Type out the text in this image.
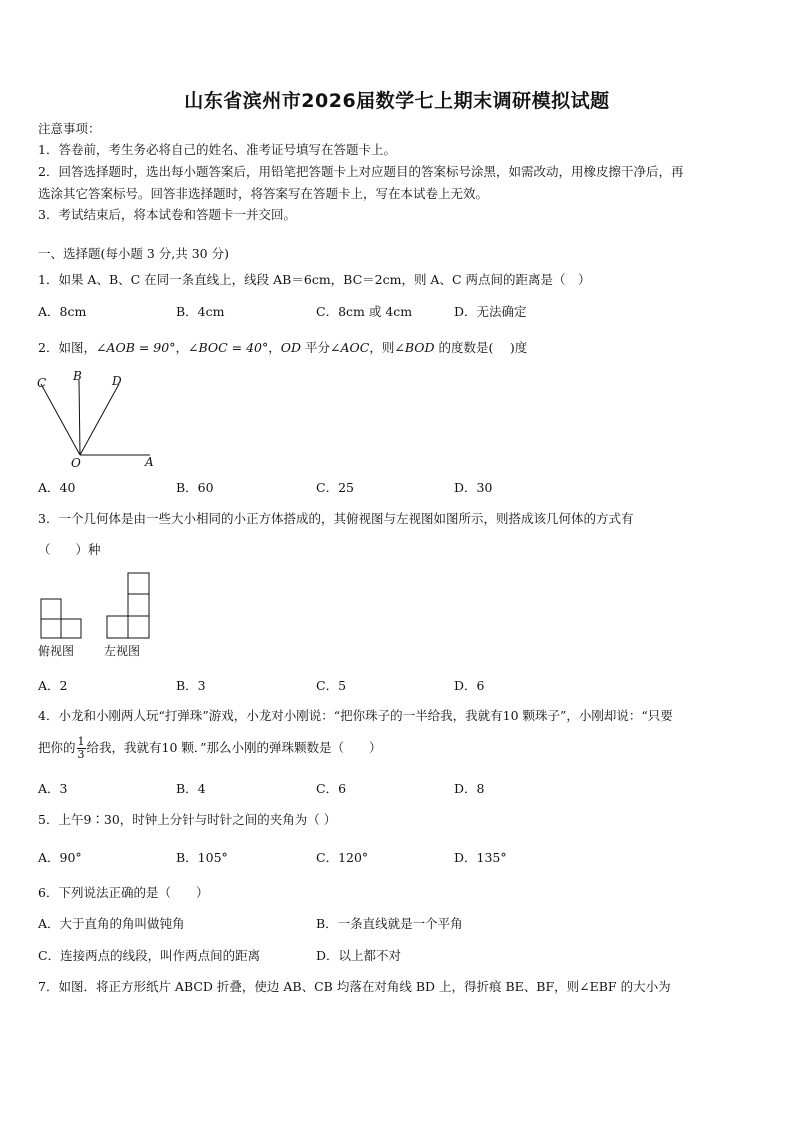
山东省滨州市2026届数学七上期末调研模拟试题
注意事项：
1．答卷前，考生务必将自己的姓名、准考证号填写在答题卡上。
2．回答选择题时，选出每小题答案后，用铅笔把答题卡上对应题目的答案标号涂黑，如需改动，用橡皮擦干净后，再
选涂其它答案标号。回答非选择题时，将答案写在答题卡上，写在本试卷上无效。
3．考试结束后，将本试卷和答题卡一并交回。
一、选择题(每小题 3 分,共 30 分)
1．如果 A、B、C 在同一条直线上，线段 AB＝6cm，BC＝2cm，则 A、C 两点间的距离是（　）
A．8cm	B．4cm	C．8cm 或 4cm	D．无法确定
2．如图，∠AOB = 90°，∠BOC = 40°，OD 平分∠AOC，则∠BOD 的度数是(　 )度
C B	D
O	A
A．40	B．60	C．25	D．30
3．一个几何体是由一些大小相同的小正方体搭成的，其俯视图与左视图如图所示，则搭成该几何体的方式有
（　　）种
俯视图 左视图
A．2	B．3	C．5	D．6
4．小龙和小刚两人玩“打弹珠”游戏，小龙对小刚说：“把你珠子的一半给我，我就有10 颗珠子”，小刚却说：“只要
把你的 $\frac{1}{3}$ 给我，我就有10 颗．”那么小刚的弹珠颗数是（　　）
A．3	B．4	C．6	D．8
5．上午9∶30，时钟上分针与时针之间的夹角为（ ）
A．90°	B．105°	C．120°	D．135°
6．下列说法正确的是（　　）
A．大于直角的角叫做钝角	B．一条直线就是一个平角
C．连接两点的线段，叫作两点间的距离	D．以上都不对
7．如图．将正方形纸片 ABCD 折叠，使边 AB、CB 均落在对角线 BD 上，得折痕 BE、BF，则∠EBF 的大小为
